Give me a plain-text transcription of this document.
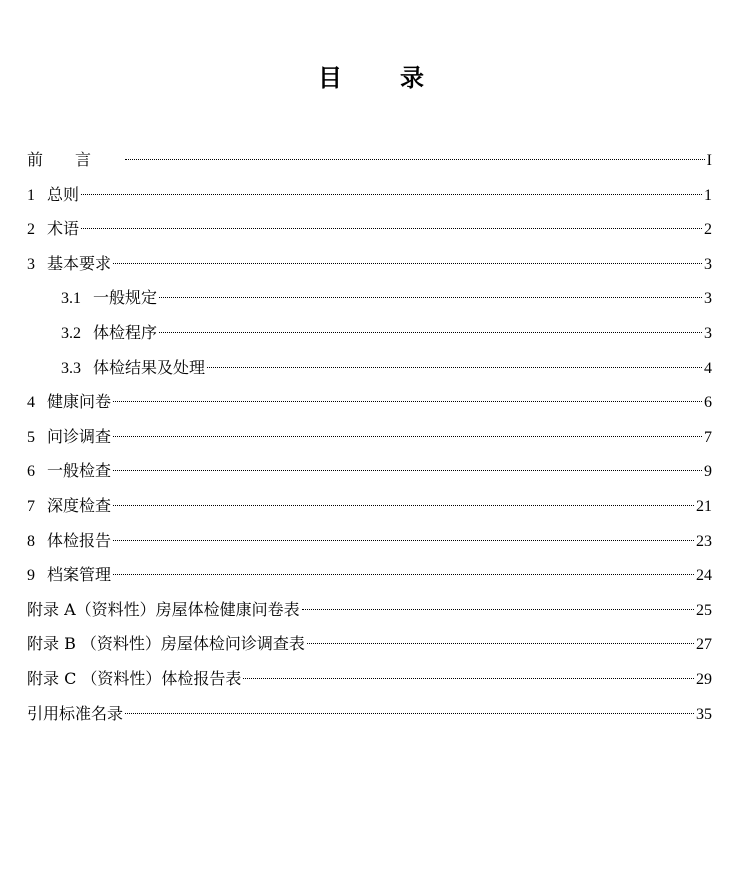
目 录
前言	I
1 总则	1
2 术语	2
3 基本要求	3
3.1 一般规定	3
3.2 体检程序	3
3.3 体检结果及处理	4
4 健康问卷	6
5 问诊调查	7
6 一般检查	9
7 深度检查	21
8 体检报告	23
9 档案管理	24
附录 A（资料性）房屋体检健康问卷表	25
附录 B （资料性）房屋体检问诊调查表	27
附录 C （资料性）体检报告表	29
引用标准名录	35
